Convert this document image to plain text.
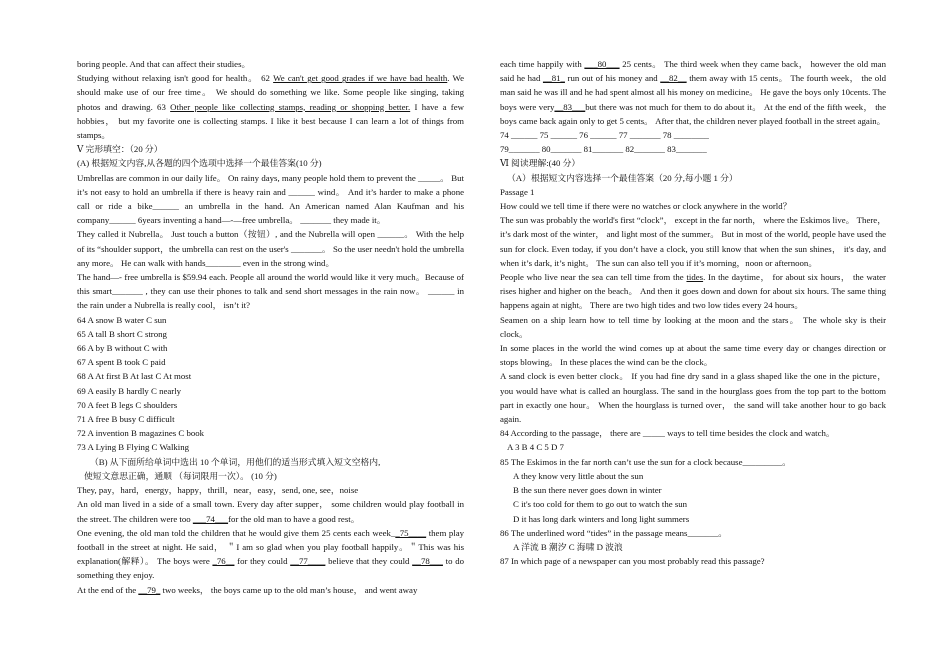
boring people. And that can affect their studies。

Studying without relaxing isn't good for health。 62 We can't get good grades if we have bad health. We should make use of our free time。 We should do something we like. Some people like singing, taking photos and drawing. 63 Other people like collecting stamps, reading or shopping better. I have a few hobbies， but my favorite one is collecting stamps. I like it best because I can learn a lot of things from stamps。

Ⅴ 完形填空：（20 分）

(A) 根据短文内容,从各题的四个选项中选择一个最佳答案(10 分)

Umbrellas are common in our daily life。 On rainy days, many people hold them to prevent the _____。 But it’s not easy to hold an umbrella if there is heavy rain and ______ wind。 And it’s harder to make a phone call or ride a bike______ an umbrella in the hand. An American named Alan Kaufman and his company______ 6years inventing a hand—-—free umbrella。 _______ they made it。

They called it Nubrella。 Just touch a button（按钮）, and the Nubrella will open ______。 With the help of its “shoulder support，the umbrella can rest on the user's _______。 So the user needn't hold the umbrella any more。 He can walk with hands________ even in the strong wind。

The hand—- free umbrella is $59.94 each. People all around the world would like it very much。Because of this smart_______ , they can use their phones to talk and send short messages in the rain now。 ______ in the rain under a Nubrella is really cool， isn’t it?

64 A snow B water C sun

65 A tall B short C strong

66 A by B without C with

67 A spent B took C paid

68 A At first B At last C At most

69 A easily B hardly C nearly

70 A feet B legs C shoulders

71 A free B busy C difficult

72 A invention B magazines C book

73 A Lying B Flying C Walking

（B) 从下面所给单词中选出 10 个单词，用他们的适当形式填入短文空格内,

使短文意思正确，通顺 （每词限用一次）。 (10 分)

They, pay，hard，energy，happy，thrill，near，easy，send, one, see，noise

An old man lived in a side of a small town. Every day after supper， some children would play football in the street. The children were too ___74___for the old man to have a good rest。

One evening, the old man told the children that he would give them 25 cents each week__75____ them play football in the street at night. He said， ＂I am so glad when you play football happily。＂This was his explanation(解释）。 The boys were _76__ for they could __77____ believe that they could __78___ to do something they enjoy.

At the end of the __79_ two weeks， the boys came up to the old man’s house， and went away

each time happily with ___80___ 25 cents。 The third week when they came back， however the old man said he had __81_ run out of his money and __82__ them away with 15 cents。 The fourth week， the old man said he was ill and he had spent almost all his money on medicine。 He gave the boys only 10cents. The boys were very__83___but there was not much for them to do about it。 At the end of the fifth week， the boys came back again only to get 5 cents。 After that, the children never played football in the street again。

74 ______ 75 ______ 76 ______ 77 _______ 78 ________

79_______ 80_______ 81_______ 82_______ 83_______

Ⅵ 阅读理解:(40 分）

（A）根据短文内容选择一个最佳答案（20 分,每小题 1 分）

Passage 1

How could we tell time if there were no watches or clock anywhere in the world？

The sun was probably the world's first “clock”， except in the far north， where the Eskimos live。 There， it’s dark most of the winter， and light most of the summer。 But in most of the world, people have used the sun for clock. Even today, if you don’t have a clock, you still know that when the sun shines， it's day, and when it’s dark, it’s night。 The sun can also tell you if it’s morning，noon or afternoon。

People who live near the sea can tell time from the tides. In the daytime， for about six hours， the water rises higher and higher on the beach。 And then it goes down and down for about six hours. The same thing happens again at night。 There are two high tides and two low tides every 24 hours。

Seamen on a ship learn how to tell time by looking at the moon and the stars。 The whole sky is their clock。

In some places in the world the wind comes up at about the same time every day or changes direction or stops blowing。 In these places the wind can be the clock。

A sand clock is even better clock。 If you had fine dry sand in a glass shaped like the one in the picture， you would have what is called an hourglass. The sand in the hourglass goes from the top part to the bottom part in exactly one hour。 When the hourglass is turned over， the sand will take another hour to go back again.

84 According to the passage， there are _____ ways to tell time besides the clock and watch。

A 3 B 4 C 5 D 7

85 The Eskimos in the far north can’t use the sun for a clock because_________。

A they know very little about the sun

B the sun there never goes down in winter

C it's too cold for them to go out to watch the sun

D it has long dark winters and long light summers

86 The underlined word “tides” in the passage means_______。

A 洋流 B 潮汐 C 海啸 D 波浪

87 In which page of a newspaper can you most probably read this passage?
